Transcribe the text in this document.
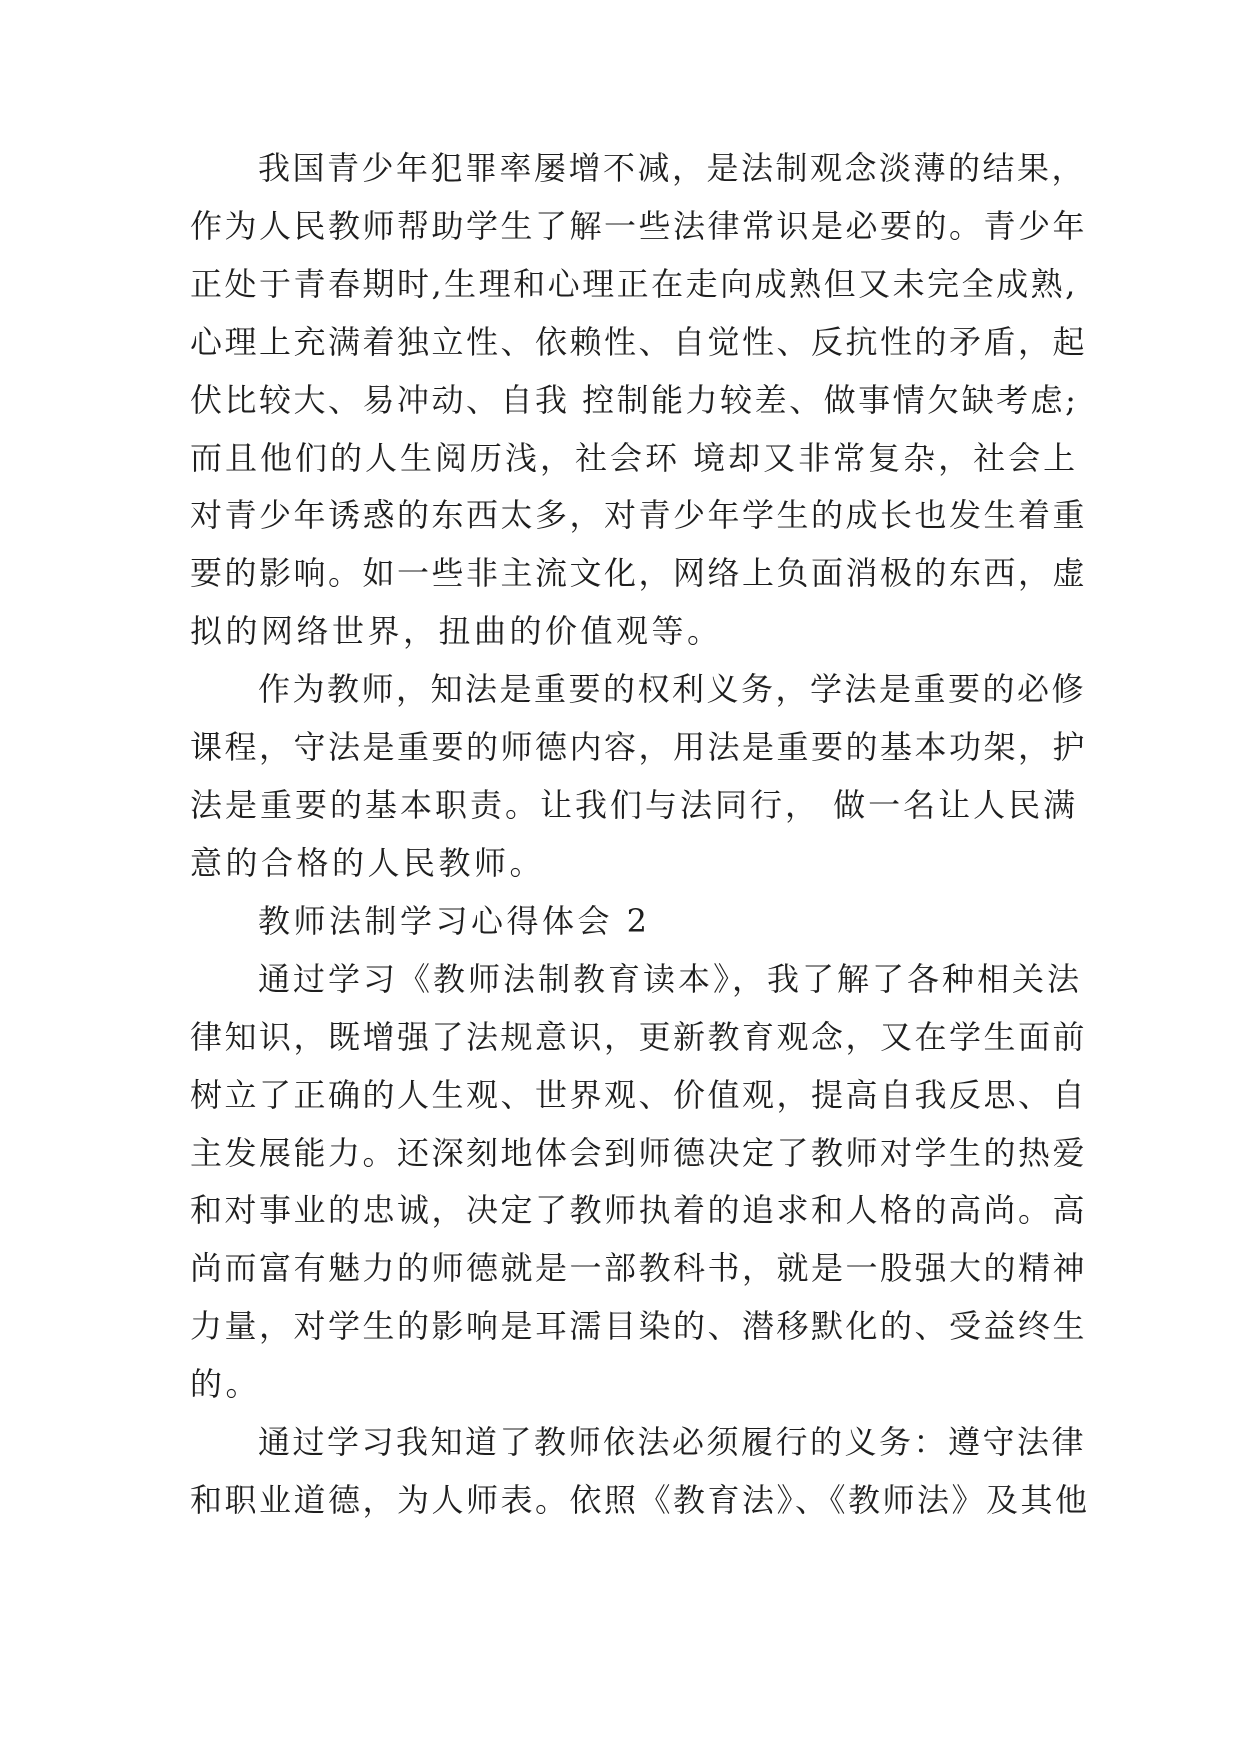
我国青少年犯罪率屡增不减，是法制观念淡薄的结果，
作为人民教师帮助学生了解一些法律常识是必要的。青少年
正处于青春期时,生理和心理正在走向成熟但又未完全成熟,
心理上充满着独立性、依赖性、自觉性、反抗性的矛盾，起
伏比较大、易冲动、自我 控制能力较差、做事情欠缺考虑;
而且他们的人生阅历浅，社会环 境却又非常复杂，社会上
对青少年诱惑的东西太多，对青少年学生的成长也发生着重
要的影响。如一些非主流文化，网络上负面消极的东西，虚
拟的网络世界，扭曲的价值观等。
作为教师，知法是重要的权利义务，学法是重要的必修
课程，守法是重要的师德内容，用法是重要的基本功架，护
法是重要的基本职责。让我们与法同行， 做一名让人民满
意的合格的人民教师。
教师法制学习心得体会 2
通过学习《教师法制教育读本》，我了解了各种相关法
律知识，既增强了法规意识，更新教育观念，又在学生面前
树立了正确的人生观、世界观、价值观，提高自我反思、自
主发展能力。还深刻地体会到师德决定了教师对学生的热爱
和对事业的忠诚，决定了教师执着的追求和人格的高尚。高
尚而富有魅力的师德就是一部教科书，就是一股强大的精神
力量，对学生的影响是耳濡目染的、潜移默化的、受益终生
的。
通过学习我知道了教师依法必须履行的义务：遵守法律
和职业道德，为人师表。依照《教育法》、《教师法》及其他
